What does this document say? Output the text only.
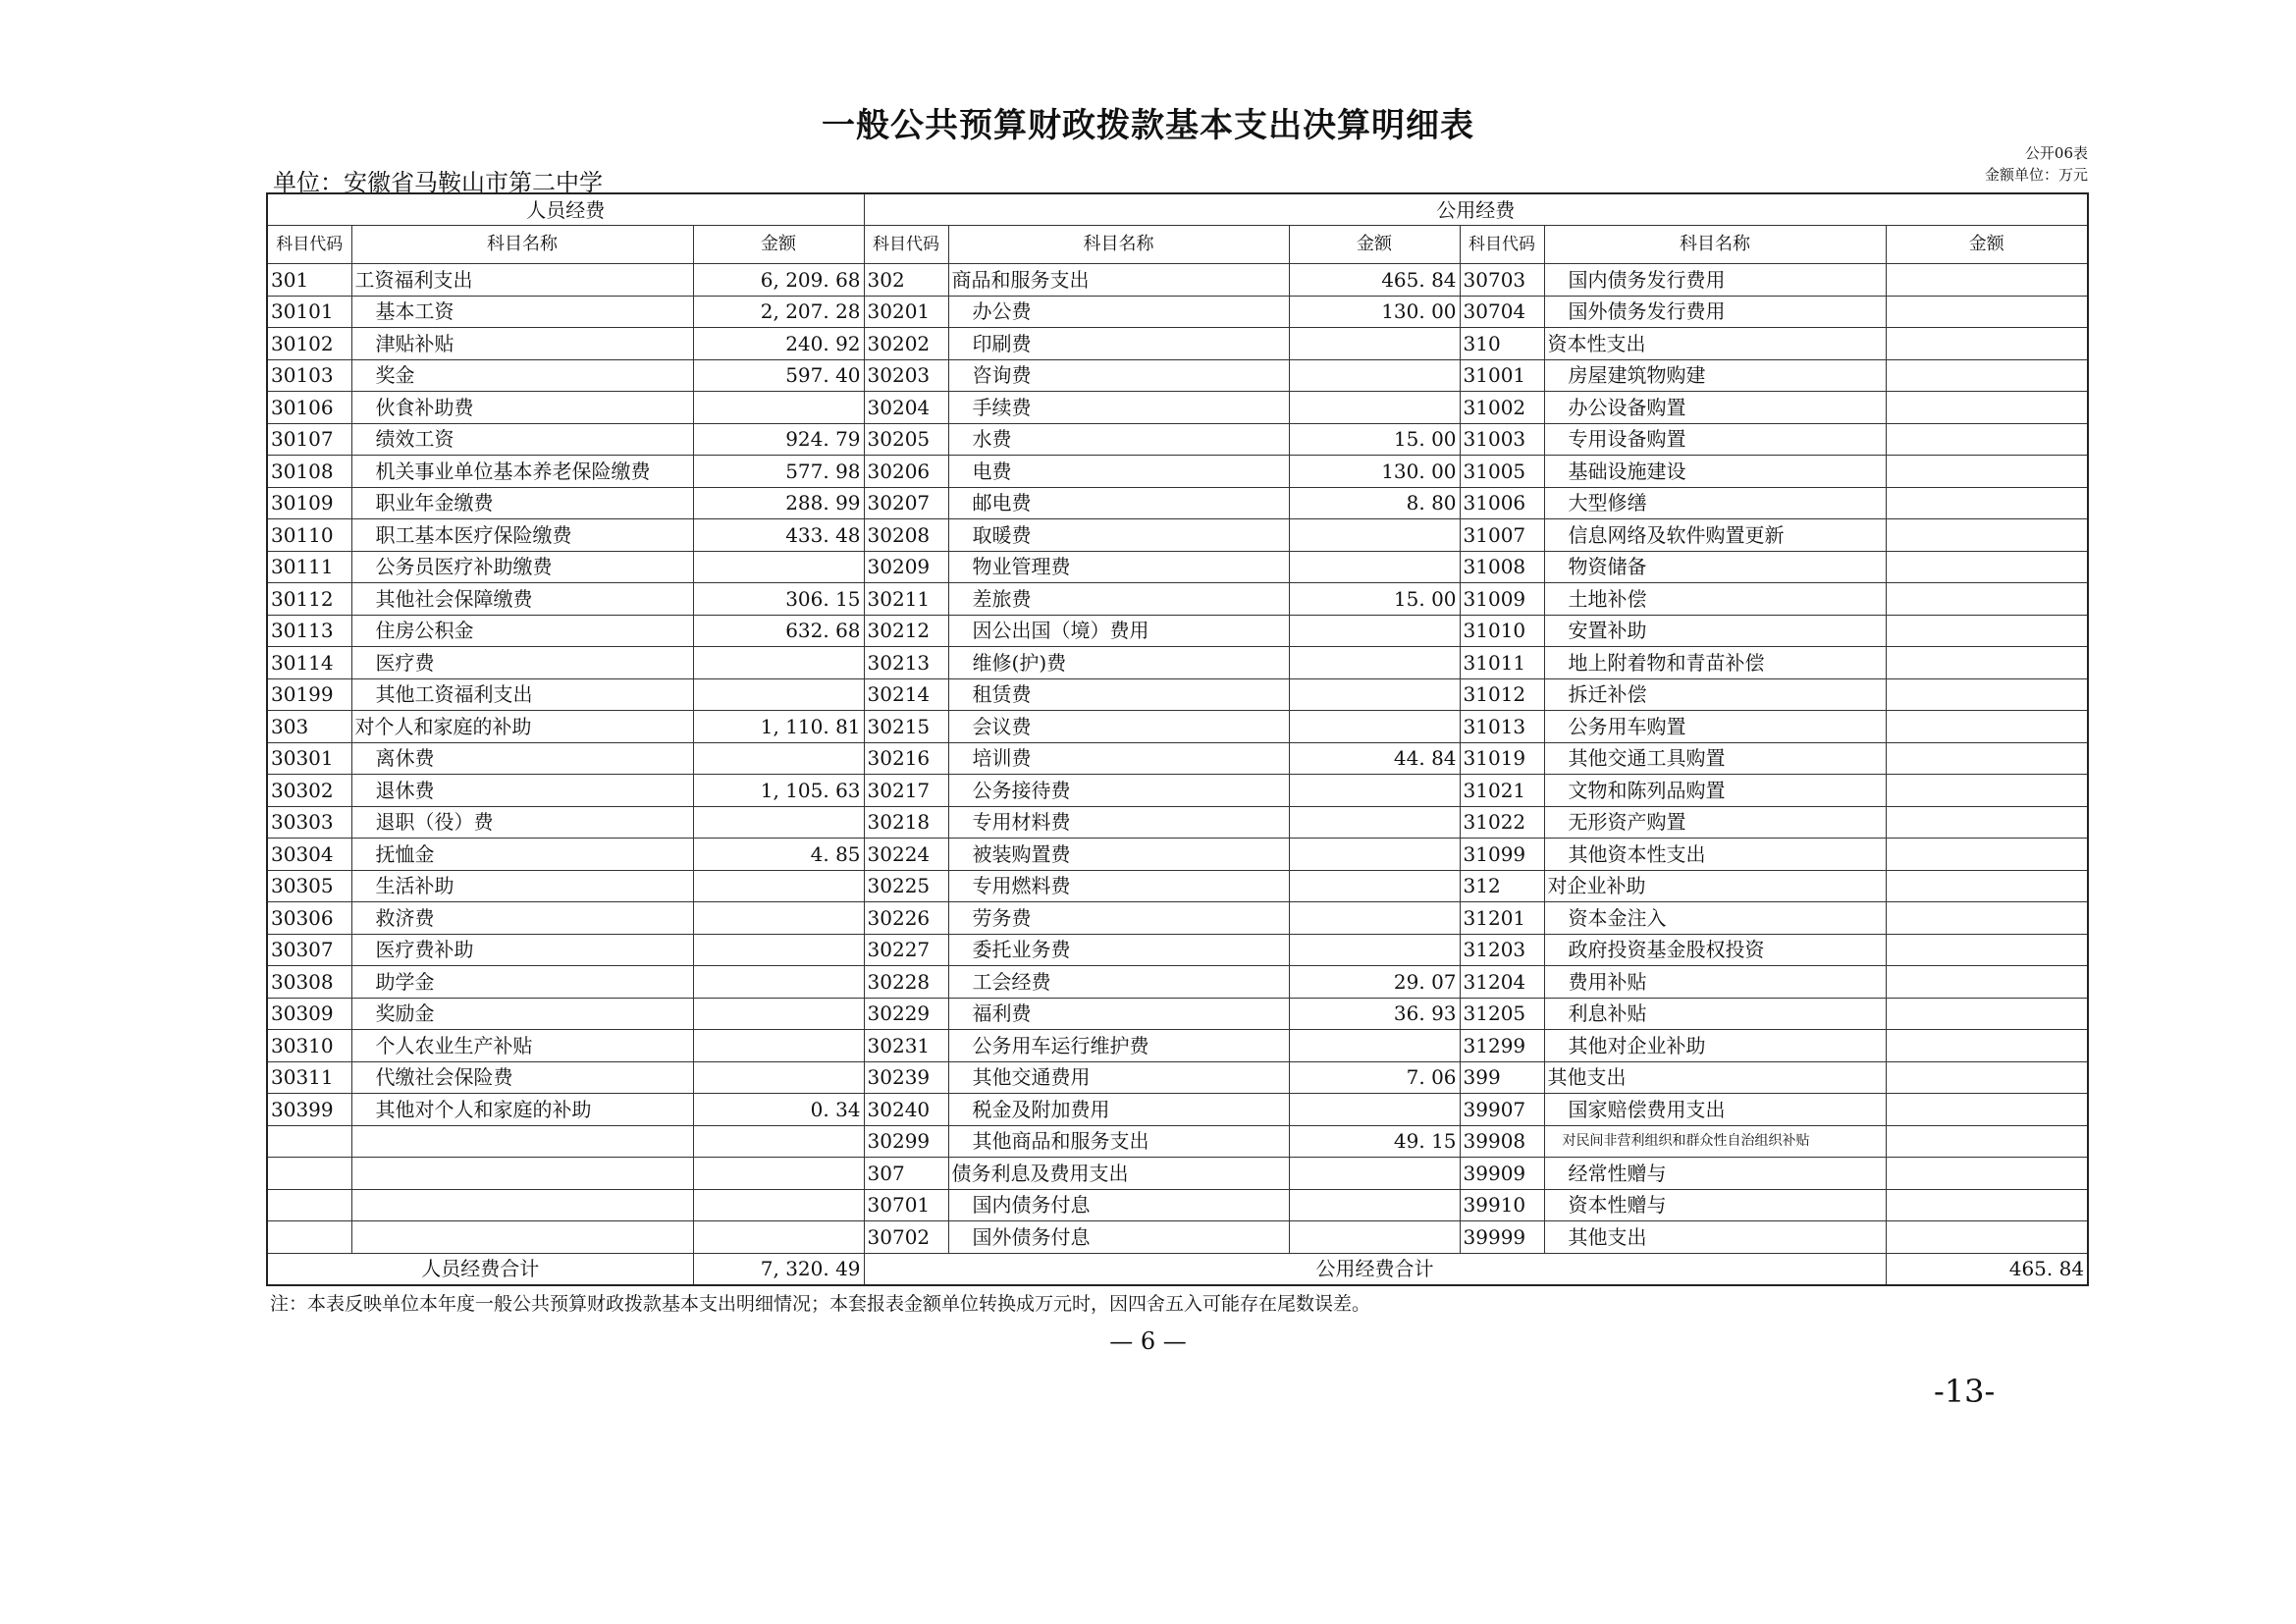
一般公共预算财政拨款基本支出决算明细表
公开06表
单位：安徽省马鞍山市第二中学	金额单位：万元
人员经费			公用经费					
科目代码	科目名称	金额	科目代码	科目名称	金额	科目代码	科目名称	金额
301	工资福利支出	6, 209. 68	302	商品和服务支出	465. 84	30703	国内债务发行费用	
30101	基本工资	2, 207. 28	30201	办公费	130. 00	30704	国外债务发行费用	
30102	津贴补贴	240. 92	30202	印刷费		310	资本性支出	
30103	奖金	597. 40	30203	咨询费		31001	房屋建筑物购建	
30106	伙食补助费		30204	手续费		31002	办公设备购置	
30107	绩效工资	924. 79	30205	水费	15. 00	31003	专用设备购置	
30108	机关事业单位基本养老保险缴费	577. 98	30206	电费	130. 00	31005	基础设施建设	
30109	职业年金缴费	288. 99	30207	邮电费	8. 80	31006	大型修缮	
30110	职工基本医疗保险缴费	433. 48	30208	取暖费		31007	信息网络及软件购置更新	
30111	公务员医疗补助缴费		30209	物业管理费		31008	物资储备	
30112	其他社会保障缴费	306. 15	30211	差旅费	15. 00	31009	土地补偿	
30113	住房公积金	632. 68	30212	因公出国（境）费用		31010	安置补助	
30114	医疗费		30213	维修(护)费		31011	地上附着物和青苗补偿	
30199	其他工资福利支出		30214	租赁费		31012	拆迁补偿	
303	对个人和家庭的补助	1, 110. 81	30215	会议费		31013	公务用车购置	
30301	离休费		30216	培训费	44. 84	31019	其他交通工具购置	
30302	退休费	1, 105. 63	30217	公务接待费		31021	文物和陈列品购置	
30303	退职（役）费		30218	专用材料费		31022	无形资产购置	
30304	抚恤金	4. 85	30224	被装购置费		31099	其他资本性支出	
30305	生活补助		30225	专用燃料费		312	对企业补助	
30306	救济费		30226	劳务费		31201	资本金注入	
30307	医疗费补助		30227	委托业务费		31203	政府投资基金股权投资	
30308	助学金		30228	工会经费	29. 07	31204	费用补贴	
30309	奖励金		30229	福利费	36. 93	31205	利息补贴	
30310	个人农业生产补贴		30231	公务用车运行维护费		31299	其他对企业补助	
30311	代缴社会保险费		30239	其他交通费用	7. 06	399	其他支出	
30399	其他对个人和家庭的补助	0. 34	30240	税金及附加费用		39907	国家赔偿费用支出	
			30299	其他商品和服务支出	49. 15	39908	对民间非营利组织和群众性自治组织补贴	
			307	债务利息及费用支出		39909	经常性赠与	
			30701	国内债务付息		39910	资本性赠与	
			30702	国外债务付息		39999	其他支出	
人员经费合计		7, 320. 49	公用经费合计					465. 84
注：本表反映单位本年度一般公共预算财政拨款基本支出明细情况；本套报表金额单位转换成万元时，因四舍五入可能存在尾数误差。
— 6 —
-13-
